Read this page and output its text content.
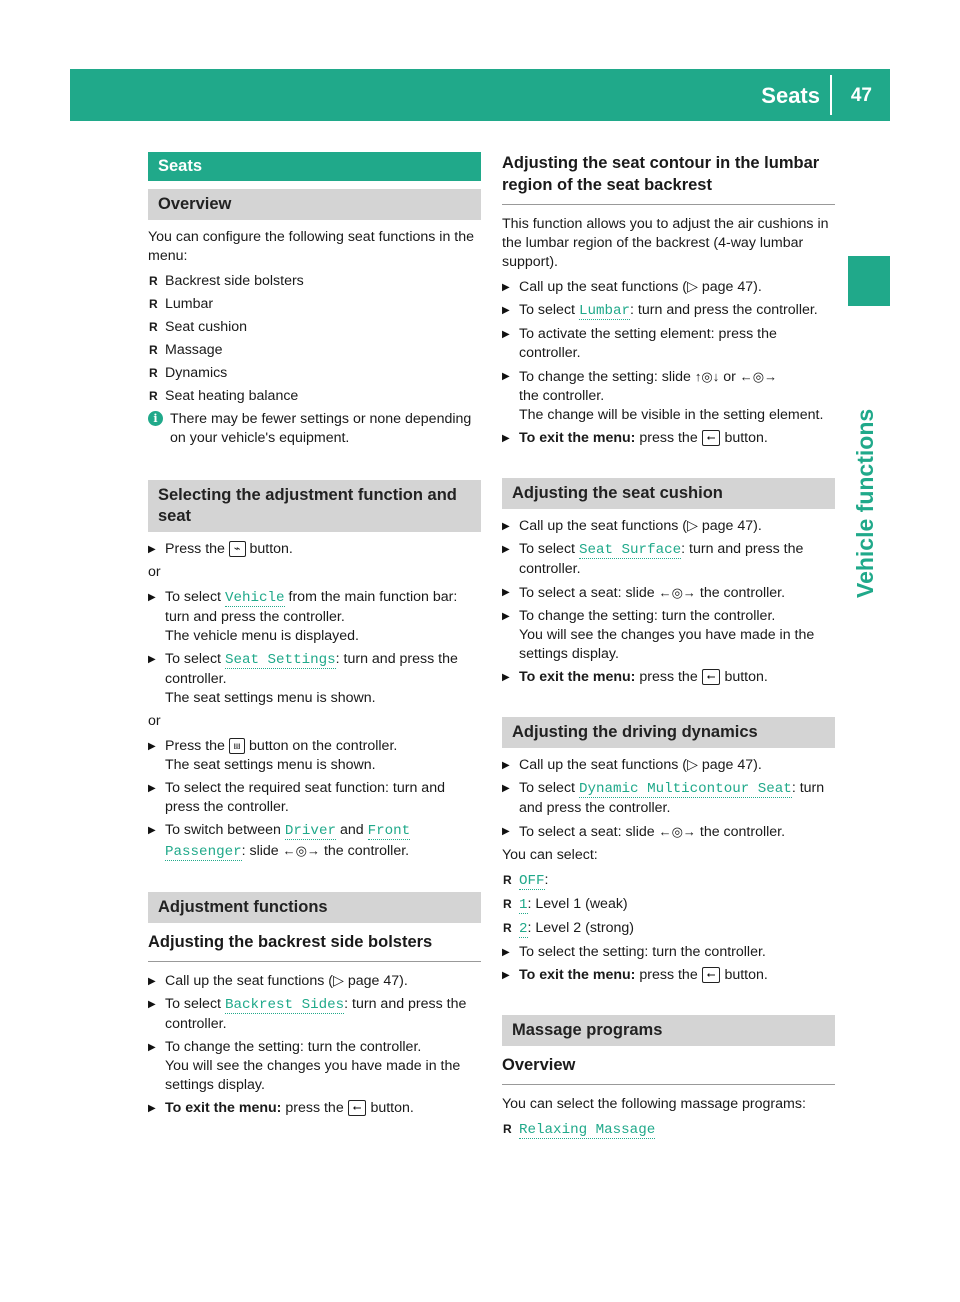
Seats 47
Vehicle functions
Seats
Overview

You can configure the following seat functions in the menu:

R Backrest side bolsters
R Lumbar
R Seat cushion
R Massage
R Dynamics
R Seat heating balance
i There may be fewer settings or none depending on your vehicle's equipment.
Selecting the adjustment function and seat
▶ Press the ⌁ button.

or

▶ To select Vehicle from the main function bar: turn and press the controller.
The vehicle menu is displayed.
▶ To select Seat Settings: turn and press the controller.
The seat settings menu is shown.

or

▶ Press the ⩏ button on the controller.
The seat settings menu is shown.
▶ To select the required seat function: turn and press the controller.
▶ To switch between Driver and Front Passenger: slide ←◎→ the controller.
Adjustment functions
Adjusting the backrest side bolsters
▶ Call up the seat functions (▷ page 47).
▶ To select Backrest Sides: turn and press the controller.
▶ To change the setting: turn the controller.
You will see the changes you have made in the settings display.
▶ To exit the menu: press the ⭠ button.
Adjusting the seat contour in the lumbar region of the seat backrest

This function allows you to adjust the air cushions in the lumbar region of the backrest (4-way lumbar support).

▶ Call up the seat functions (▷ page 47).
▶ To select Lumbar: turn and press the controller.
▶ To activate the setting element: press the controller.
▶ To change the setting: slide ↑◎↓ or ←◎→
the controller.
The change will be visible in the setting element.
▶ To exit the menu: press the ⭠ button.
Adjusting the seat cushion
▶ Call up the seat functions (▷ page 47).
▶ To select Seat Surface: turn and press the controller.
▶ To select a seat: slide ←◎→ the controller.
▶ To change the setting: turn the controller.
You will see the changes you have made in the settings display.
▶ To exit the menu: press the ⭠ button.
Adjusting the driving dynamics
▶ Call up the seat functions (▷ page 47).
▶ To select Dynamic Multicontour Seat: turn and press the controller.
▶ To select a seat: slide ←◎→ the controller.

You can select:

R OFF:
R 1: Level 1 (weak)
R 2: Level 2 (strong)
▶ To select the setting: turn the controller.
▶ To exit the menu: press the ⭠ button.
Massage programs
Overview

You can select the following massage programs:

R Relaxing Massage
